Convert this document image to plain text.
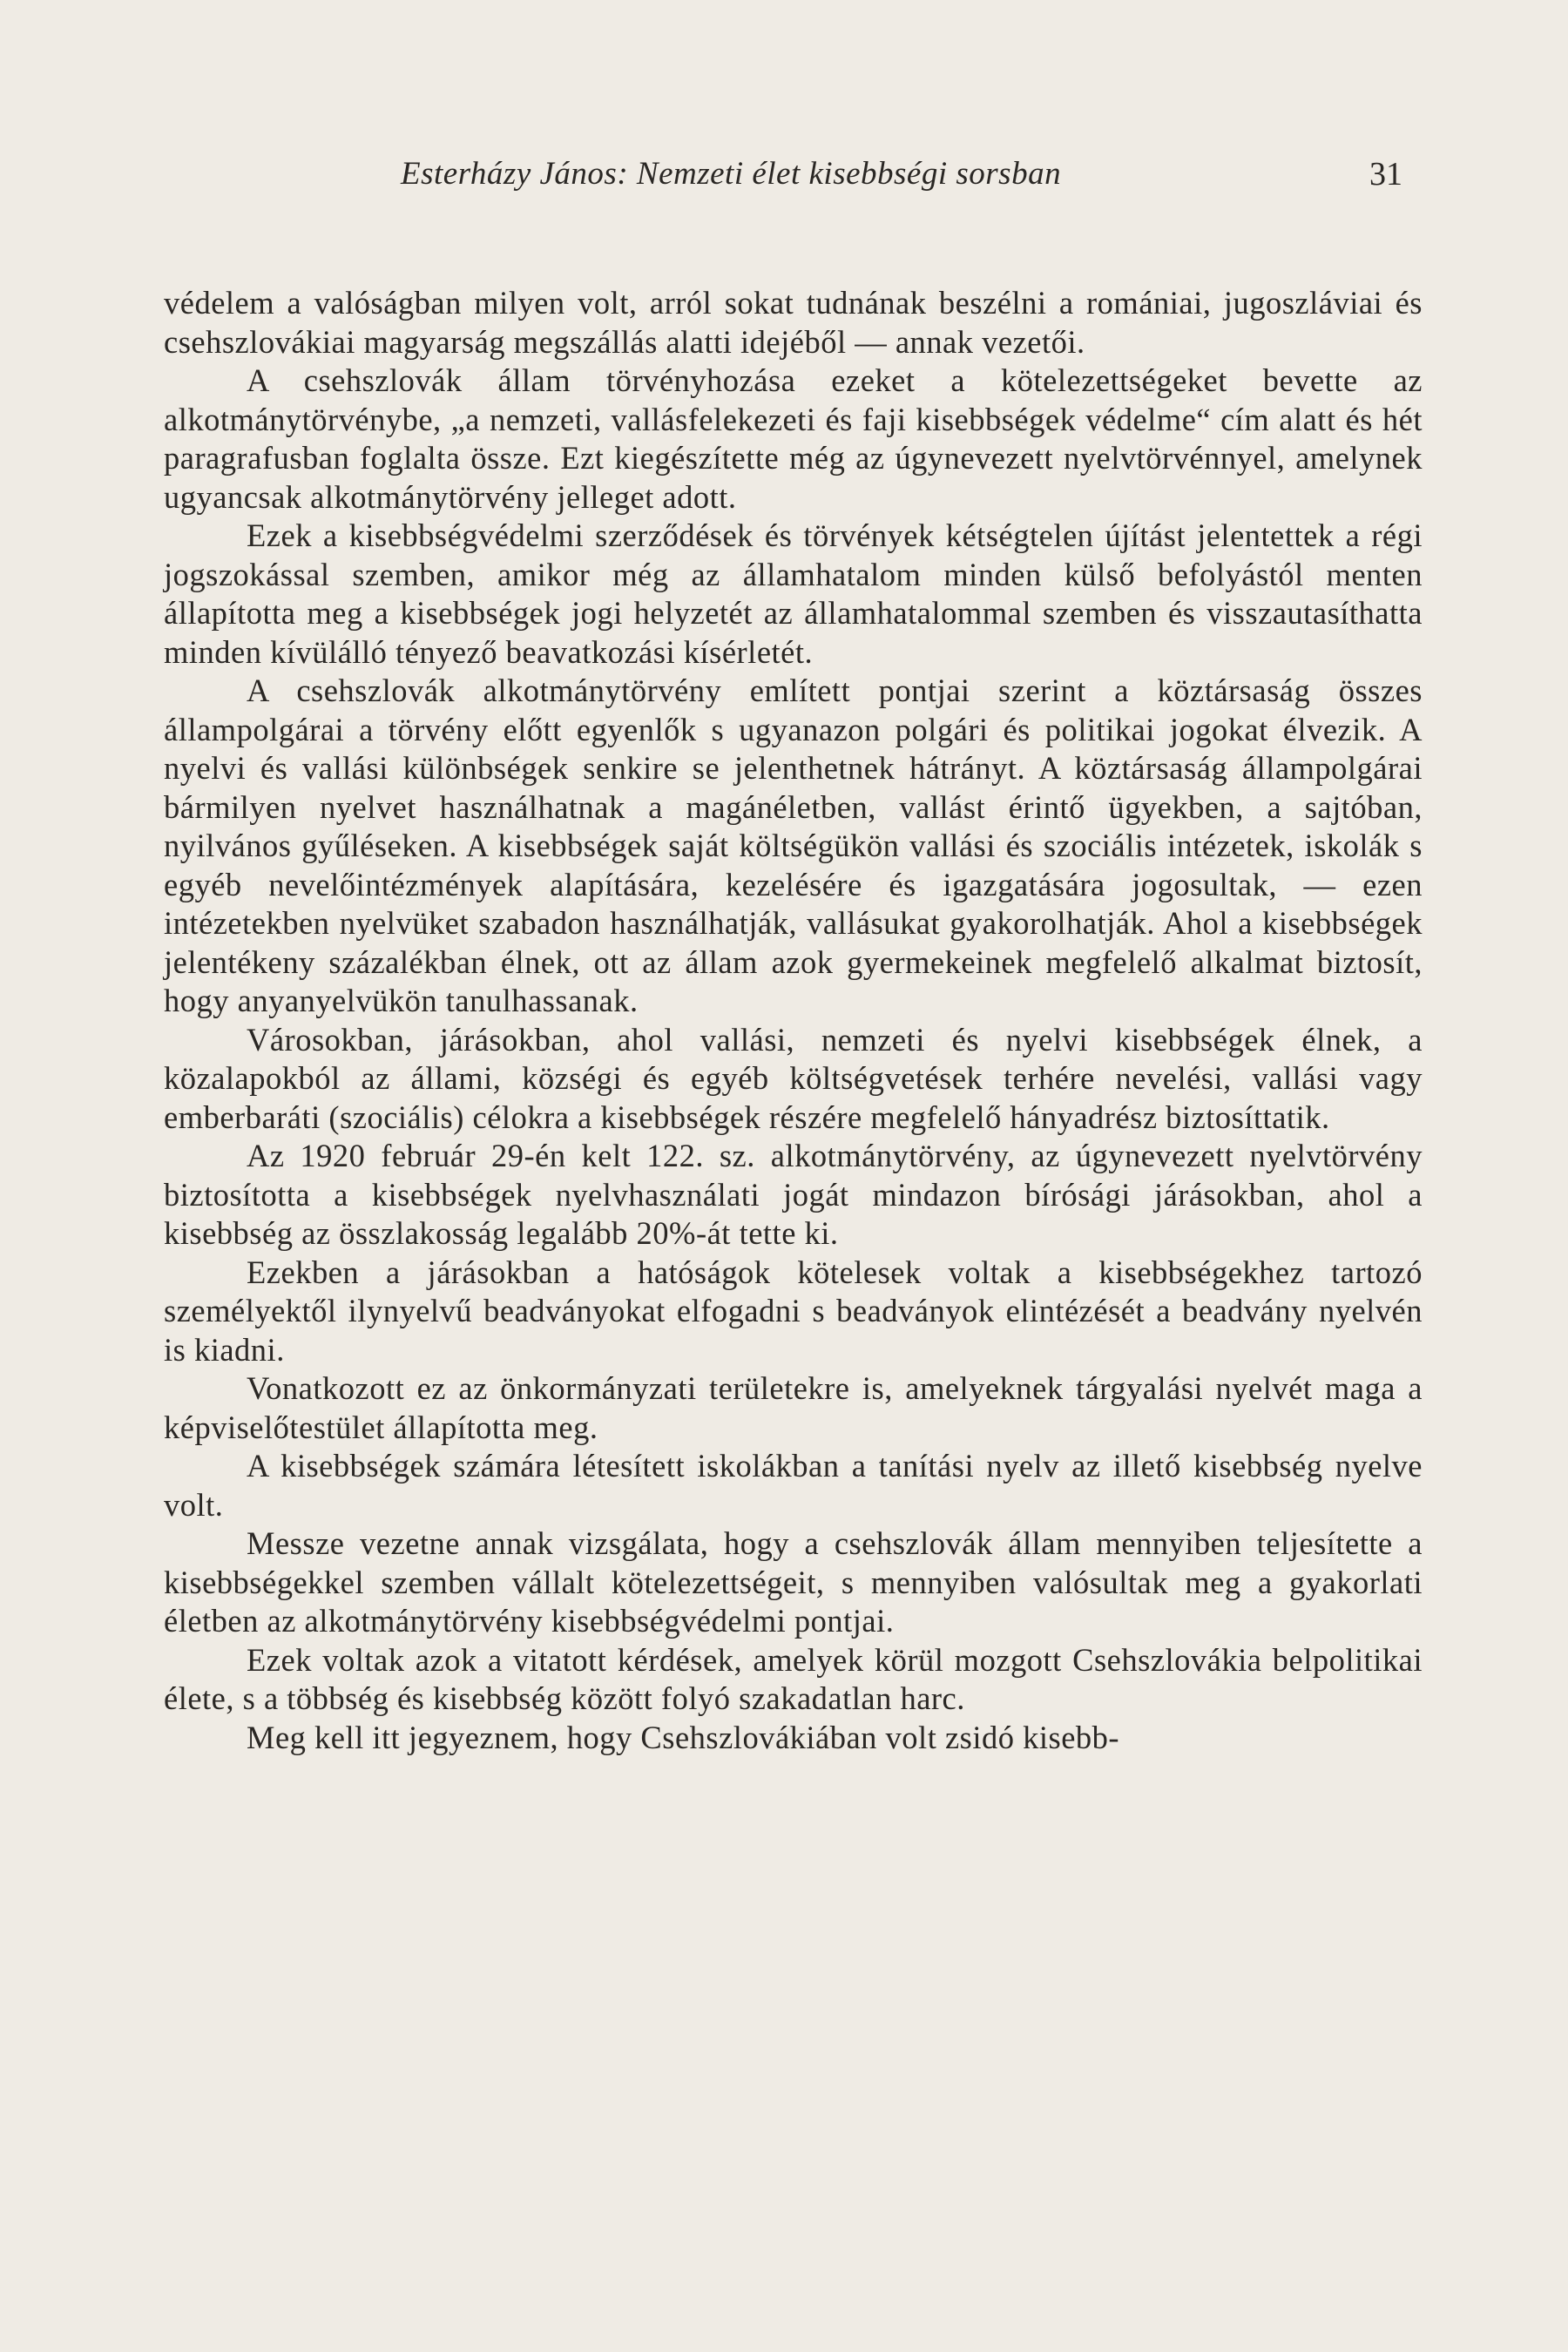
Esterházy János: Nemzeti élet kisebbségi sorsban	31

védelem a valóságban milyen volt, arról sokat tudnának beszélni a romániai, jugoszláviai és csehszlovákiai magyarság megszállás alatti idejéből — annak vezetői.

A csehszlovák állam törvényhozása ezeket a kötelezettségeket bevette az alkotmánytörvénybe, „a nemzeti, vallásfelekezeti és faji kisebbségek védelme“ cím alatt és hét paragrafusban foglalta össze. Ezt kiegészítette még az úgynevezett nyelvtörvénnyel, amelynek ugyancsak alkotmánytörvény jelleget adott.

Ezek a kisebbségvédelmi szerződések és törvények kétségtelen újítást jelentettek a régi jogszokással szemben, amikor még az államhatalom minden külső befolyástól menten állapította meg a kisebbségek jogi helyzetét az államhatalommal szemben és visszautasíthatta minden kívülálló tényező beavatkozási kísérletét.

A csehszlovák alkotmánytörvény említett pontjai szerint a köztársaság összes állampolgárai a törvény előtt egyenlők s ugyanazon polgári és politikai jogokat élvezik. A nyelvi és vallási különbségek senkire se jelenthetnek hátrányt. A köztársaság állampolgárai bármilyen nyelvet használhatnak a magánéletben, vallást érintő ügyekben, a sajtóban, nyilvános gyűléseken. A kisebbségek saját költségükön vallási és szociális intézetek, iskolák s egyéb nevelőintézmények alapítására, kezelésére és igazgatására jogosultak, — ezen intézetekben nyelvüket szabadon használhatják, vallásukat gyakorolhatják. Ahol a kisebbségek jelentékeny százalékban élnek, ott az állam azok gyermekeinek megfelelő alkalmat biztosít, hogy anyanyelvükön tanulhassanak.

Városokban, járásokban, ahol vallási, nemzeti és nyelvi kisebbségek élnek, a közalapokból az állami, községi és egyéb költségvetések terhére nevelési, vallási vagy emberbaráti (szociális) célokra a kisebbségek részére megfelelő hányadrész biztosíttatik.

Az 1920 február 29-én kelt 122. sz. alkotmánytörvény, az úgynevezett nyelvtörvény biztosította a kisebbségek nyelvhasználati jogát mindazon bírósági járásokban, ahol a kisebbség az összlakosság legalább 20%-át tette ki.

Ezekben a járásokban a hatóságok kötelesek voltak a kisebbségekhez tartozó személyektől ilynyelvű beadványokat elfogadni s beadványok elintézését a beadvány nyelvén is kiadni.

Vonatkozott ez az önkormányzati területekre is, amelyeknek tárgyalási nyelvét maga a képviselőtestület állapította meg.

A kisebbségek számára létesített iskolákban a tanítási nyelv az illető kisebbség nyelve volt.

Messze vezetne annak vizsgálata, hogy a csehszlovák állam mennyiben teljesítette a kisebbségekkel szemben vállalt kötelezettségeit, s mennyiben valósultak meg a gyakorlati életben az alkotmánytörvény kisebbségvédelmi pontjai.

Ezek voltak azok a vitatott kérdések, amelyek körül mozgott Csehszlovákia belpolitikai élete, s a többség és kisebbség között folyó szakadatlan harc.

Meg kell itt jegyeznem, hogy Csehszlovákiában volt zsidó kisebb-
